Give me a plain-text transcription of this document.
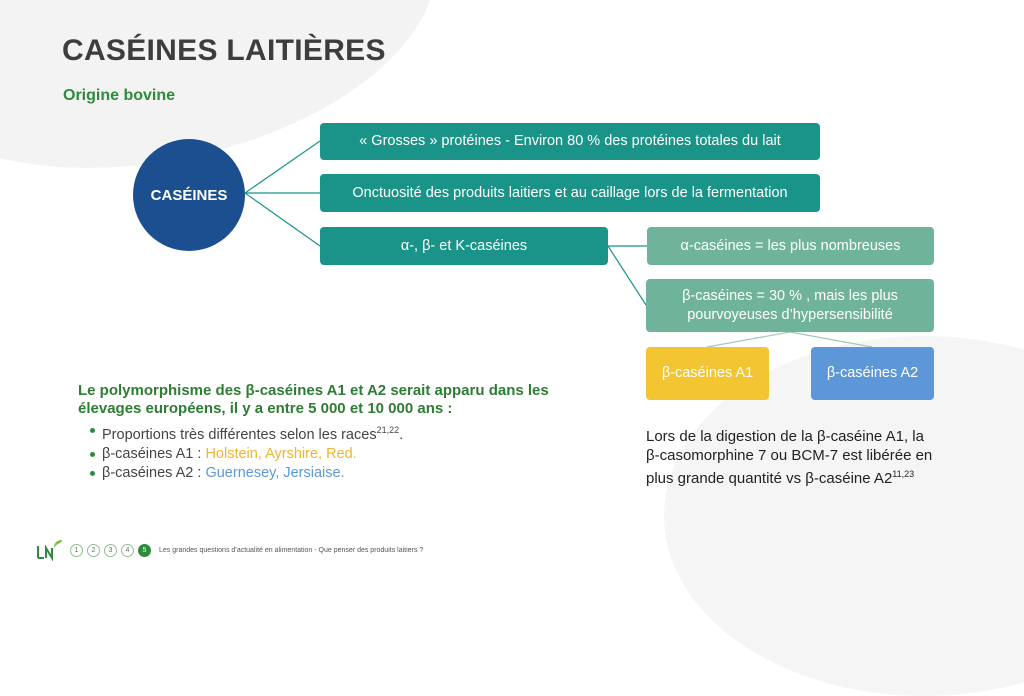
CASÉINES LAITIÈRES
Origine bovine
CASÉINES
« Grosses » protéines - Environ 80 % des protéines totales du lait
Onctuosité des produits laitiers et au caillage lors de la fermentation
α-, β- et K-caséines	α-caséines = les plus nombreuses
β-caséines = 30 % , mais les plus pourvoyeuses d’hypersensibilité
β-caséines A1	β-caséines A2
Le polymorphisme des β-caséines A1 et A2 serait apparu dans les élevages européens, il y a entre 5 000 et 10 000 ans :
Proportions très différentes selon les races$^{21,22}$.
β-caséines A1 : Holstein, Ayrshire, Red.
β-caséines A2 : Guernesey, Jersiaise.
Lors de la digestion de la β-caséine A1, la β-casomorphine 7 ou BCM-7 est libérée en plus grande quantité vs β-caséine A2$^{11,23}$
1	2	3	4	5	Les grandes questions d’actualité en alimentation - Que penser des produits laitiers ?
